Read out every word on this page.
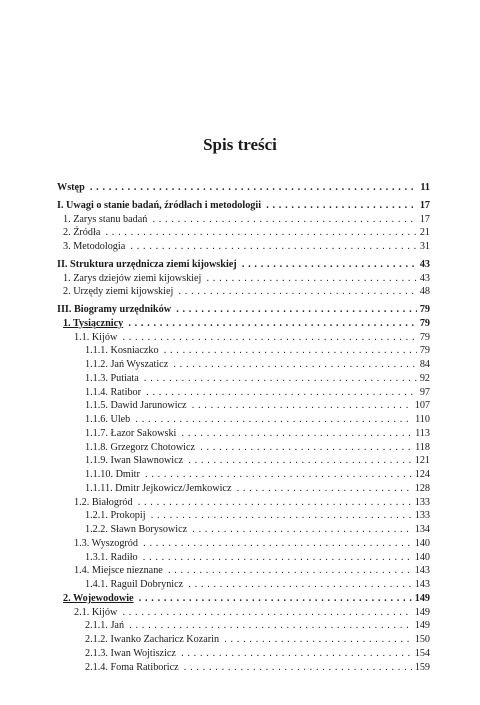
Spis treści
Wstęp . . .	11
I. Uwagi o stanie badań, źródłach i metodologii . . .	17
1. Zarys stanu badań . . .	17
2. Źródła . . .	21
3. Metodologia . . .	31
II. Struktura urzędnicza ziemi kijowskiej . . .	43
1. Zarys dziejów ziemi kijowskiej . . .	43
2. Urzędy ziemi kijowskiej . . .	48
III. Biogramy urzędników . . .	79
1. Tysiącznicy . . .	79
1.1. Kijów . . .	79
1.1.1. Kosniaczko . . .	79
1.1.2. Jań Wyszaticz . . .	84
1.1.3. Putiata . . .	92
1.1.4. Ratibor . . .	97
1.1.5. Dawid Jarunowicz . . .	107
1.1.6. Uleb . . .	110
1.1.7. Łazor Sakowski . . .	113
1.1.8. Grzegorz Chotowicz . . .	118
1.1.9. Iwan Sławnowicz . . .	121
1.1.10. Dmitr . . .	124
1.1.11. Dmitr Jejkowicz/Jemkowicz . . .	128
1.2. Białogród . . .	133
1.2.1. Prokopij . . .	133
1.2.2. Sławn Borysowicz . . .	134
1.3. Wyszogród . . .	140
1.3.1. Radiło . . .	140
1.4. Miejsce nieznane . . .	143
1.4.1. Raguil Dobrynicz . . .	143
2. Wojewodowie . . .	149
2.1. Kijów . . .	149
2.1.1. Jań . . .	149
2.1.2. Iwanko Zacharicz Kozarin . . .	150
2.1.3. Iwan Wojtiszicz . . .	154
2.1.4. Foma Ratiboricz . . .	159
